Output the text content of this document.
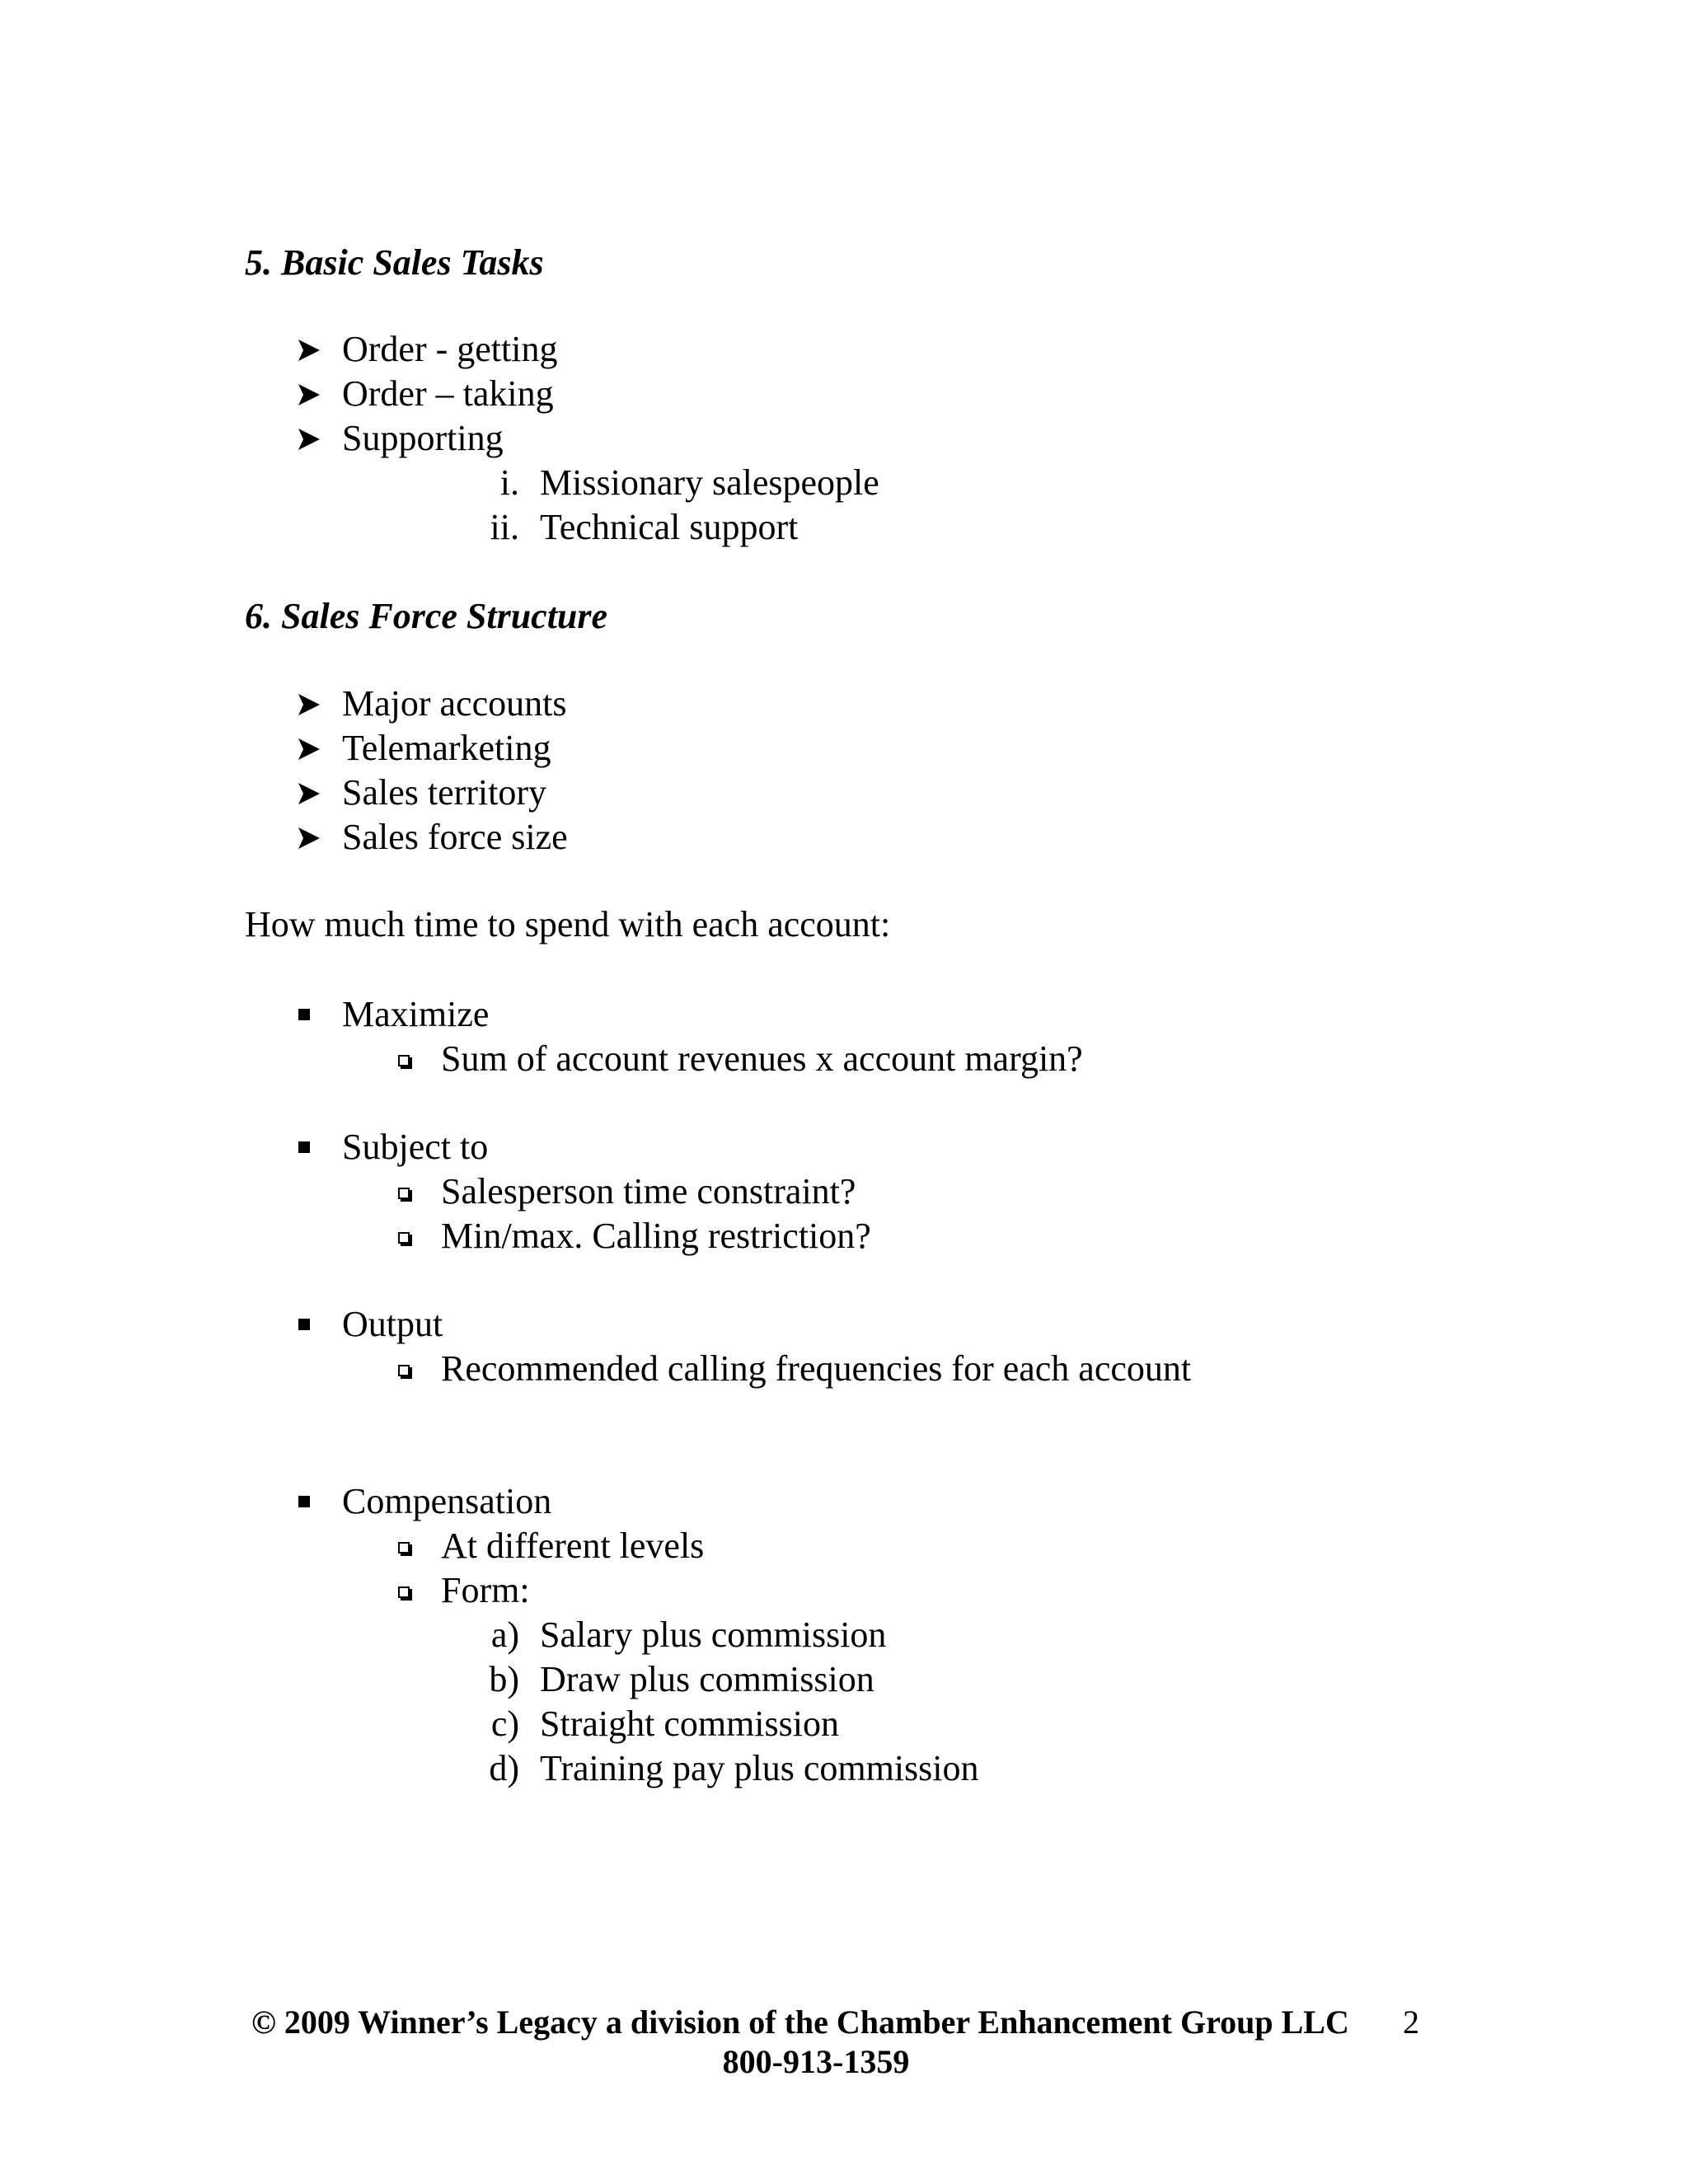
5. Basic Sales Tasks
Order - getting
Order – taking
Supporting
i. Missionary salespeople
ii. Technical support
6. Sales Force Structure
Major accounts
Telemarketing
Sales territory
Sales force size
How much time to spend with each account:
Maximize
Sum of account revenues x account margin?
Subject to
Salesperson time constraint?
Min/max. Calling restriction?
Output
Recommended calling frequencies for each account
Compensation
At different levels
Form:
a) Salary plus commission
b) Draw plus commission
c) Straight commission
d) Training pay plus commission
© 2009 Winner’s Legacy a division of the Chamber Enhancement Group LLC 2
800-913-1359
